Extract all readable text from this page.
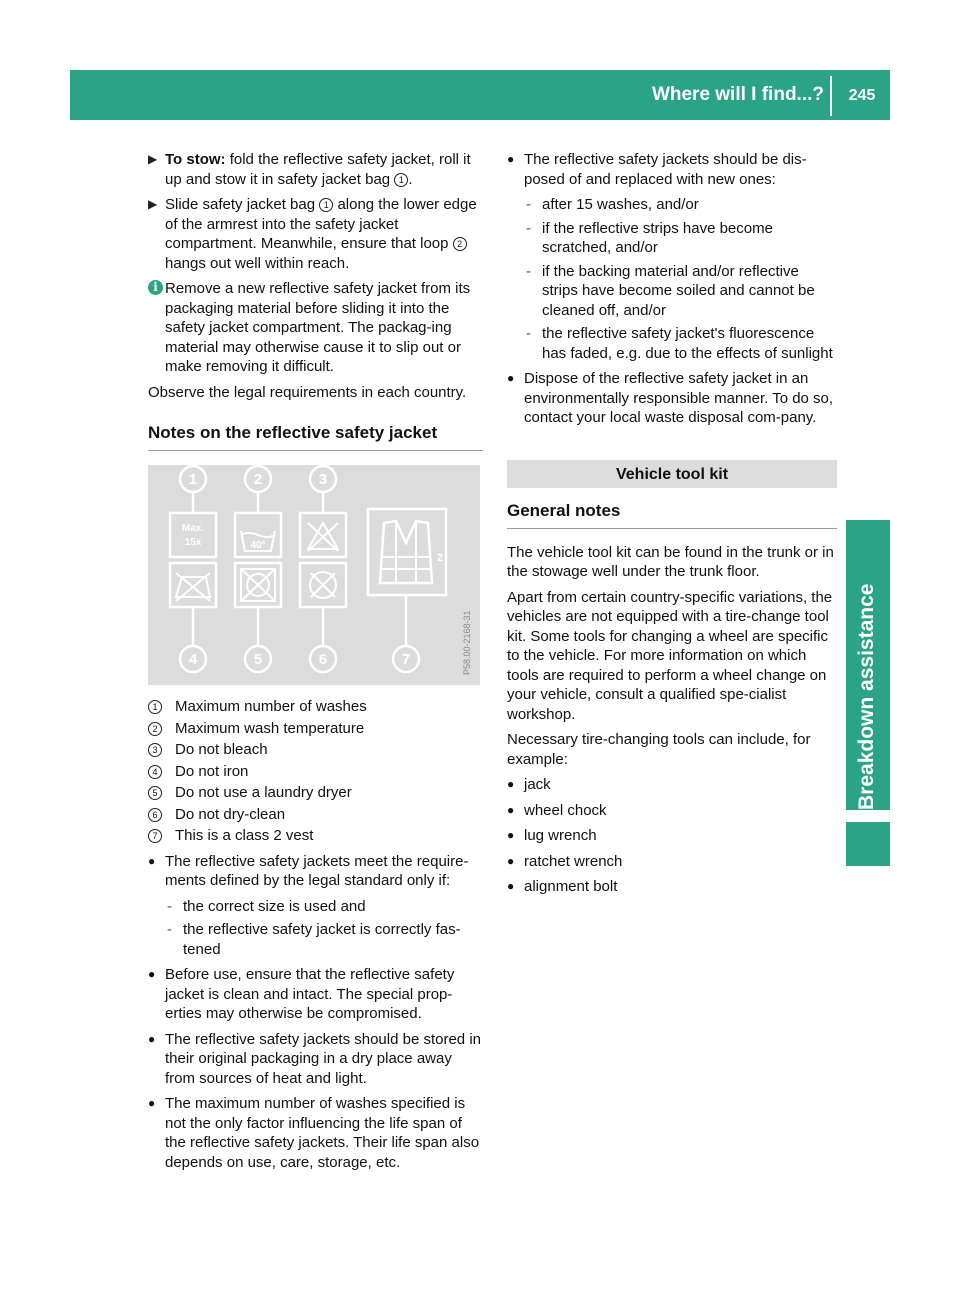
Where will I find...?	245
Breakdown assistance
▶ To stow: fold the reflective safety jacket, roll it up and stow it in safety jacket bag 1 .
▶ Slide safety jacket bag 1 along the lower edge of the armrest into the safety jacket compartment. Meanwhile, ensure that loop 2 hangs out well within reach.
i Remove a new reflective safety jacket from its packaging material before sliding it into the safety jacket compartment. The packag-ing material may otherwise cause it to slip out or make removing it difficult.

Observe the legal requirements in each country.

Notes on the reflective safety jacket
1	2	3
4	5	6	7
Max.
15x	40°
2
P58.00-2168-31
1	Maximum number of washes
2	Maximum wash temperature
3	Do not bleach
4	Do not iron
5	Do not use a laundry dryer
6	Do not dry-clean
7	This is a class 2 vest
● The reflective safety jackets meet the require-ments defined by the legal standard only if:
- the correct size is used and
- the reflective safety jacket is correctly fas-tened
● Before use, ensure that the reflective safety jacket is clean and intact. The special prop-erties may otherwise be compromised.
● The reflective safety jackets should be stored in their original packaging in a dry place away from sources of heat and light.
● The maximum number of washes specified is not the only factor influencing the life span of the reflective safety jackets. Their life span also depends on use, care, storage, etc.
● The reflective safety jackets should be dis-posed of and replaced with new ones:
- after 15 washes, and/or
- if the reflective strips have become scratched, and/or
- if the backing material and/or reflective strips have become soiled and cannot be cleaned off, and/or
- the reflective safety jacket's fluorescence has faded, e.g. due to the effects of sunlight
● Dispose of the reflective safety jacket in an environmentally responsible manner. To do so, contact your local waste disposal com-pany.
Vehicle tool kit
General notes

The vehicle tool kit can be found in the trunk or in the stowage well under the trunk floor.

Apart from certain country-specific variations, the vehicles are not equipped with a tire-change tool kit. Some tools for changing a wheel are specific to the vehicle. For more information on which tools are required to perform a wheel change on your vehicle, consult a qualified spe-cialist workshop.

Necessary tire-changing tools can include, for example:

● jack
● wheel chock
● lug wrench
● ratchet wrench
● alignment bolt
